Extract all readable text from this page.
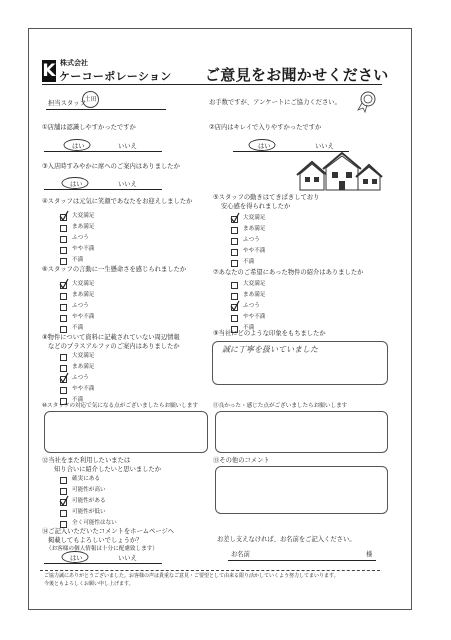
K 株式会社
ケーコーポレーション ご意見をお聞かせください
担当スタッフ
土田	お手数ですが、アンケートにご協力ください。
①店舗は認識しやすかったですか
はい	いいえ
②店内はキレイで入りやすかったですか
はい	いいえ
③入店時すみやかに席へのご案内はありましたか
はい	いいえ
④スタッフは元気に笑顔であなたをお迎えしましたか
大変満足
まあ満足
ふつう
やや不満
不満
⑤スタッフの動きはてきぱきしており
安心感を得られましたか
大変満足
まあ満足
ふつう
やや不満
不満
⑥スタッフの言動に一生懸命さを感じられましたか
大変満足
まあ満足
ふつう
やや不満
不満
⑦あなたのご希望にあった物件の紹介はありましたか
大変満足
まあ満足
ふつう
やや不満
不満
⑧物件について資料に記載されていない周辺情報
などのプラスアルファのご案内はありましたか
大変満足
まあ満足
ふつう
やや不満
不満
⑨当社にどのような印象をもちましたか
誠に丁寧を扱いていました
⑩スタッフの対応で気になる点がございましたらお願いします	⑪良かった・感じた点がございましたらお願いします
⑫当社をまた利用したいまたは
知り合いに紹介したいと思いましたか
確実にある
可能性が高い
可能性がある
可能性が低い
全く可能性はない
⑬その他のコメント
⑭ご記入いただいたコメントをホームページへ
掲載してもよろしいでしょうか？
（お客様の個人情報は十分に配慮致します）
はい	いいえ
お差し支えなければ、お名前をご記入ください。
お名前	様
ご協力誠にありがとうございました。お客様の声は貴重なご意見・ご要望として由来る限り活かしていくよう努力してまいります。
今後ともよろしくお願い申し上げます。
